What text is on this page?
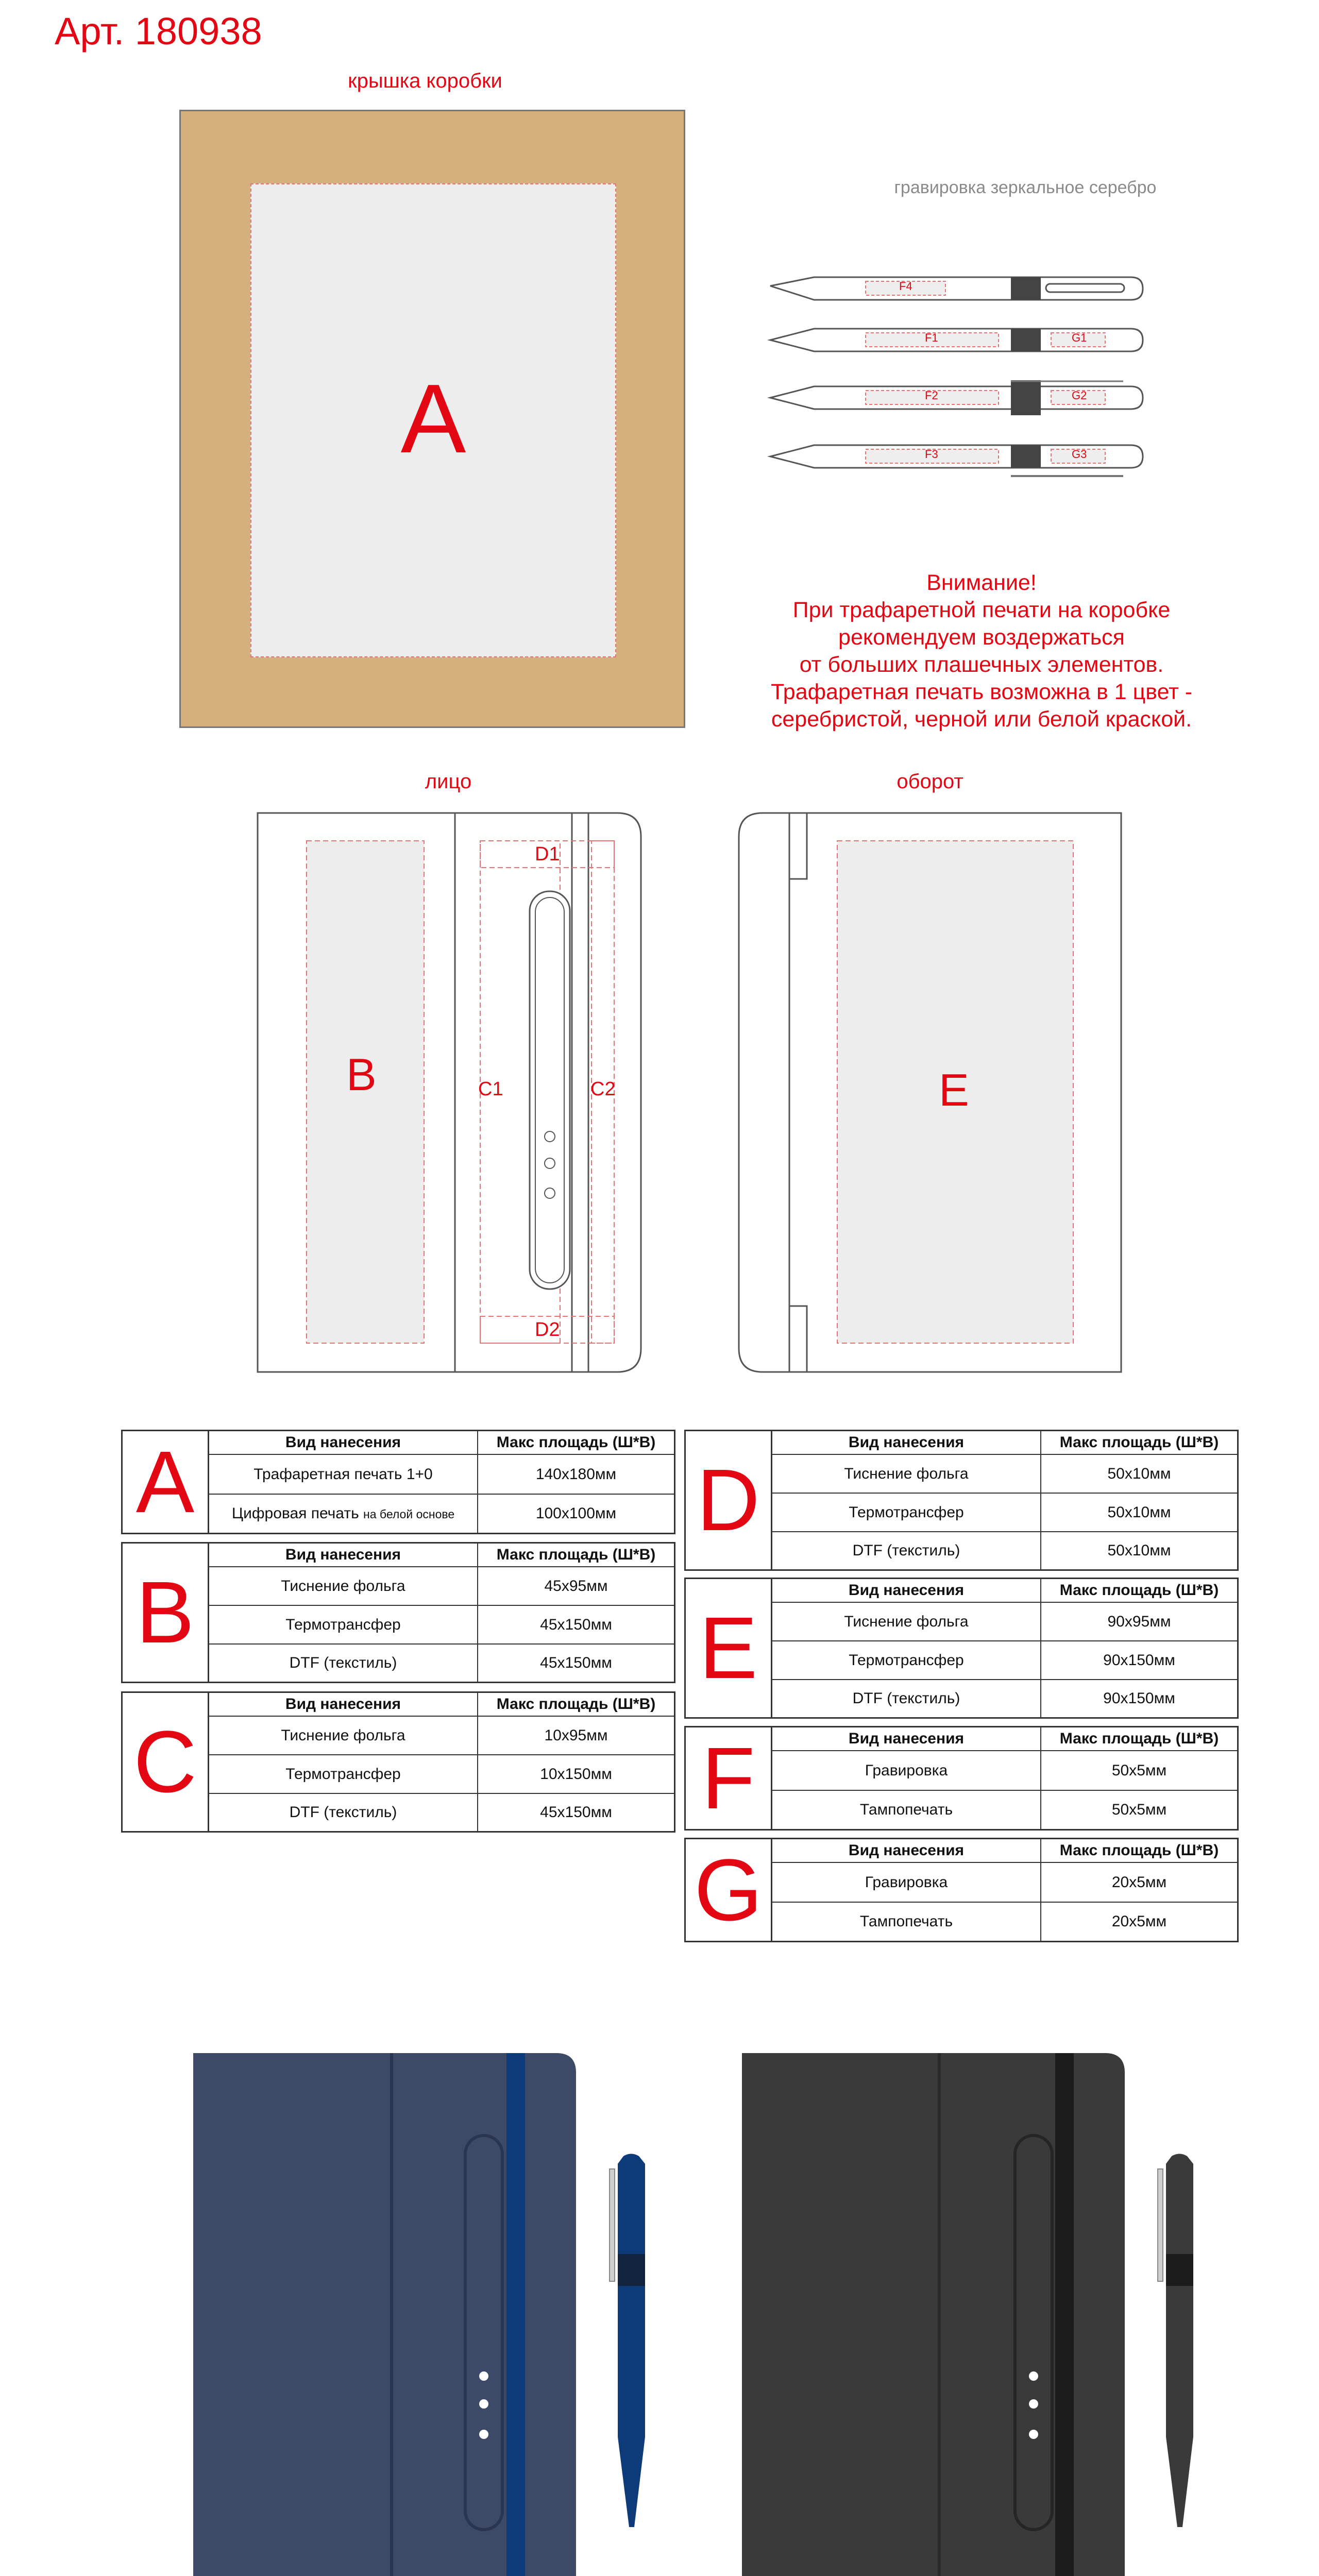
Арт. 180938
крышка коробки
A
гравировка зеркальное серебро
F4
F1	G1
F2	G2
F3	G3
Внимание!
При трафаретной печати на коробке
рекомендуем воздержаться
от больших плашечных элементов.
Трафаретная печать возможна в 1 цвет -
серебристой, черной или белой краской.
лицо	оборот
B	C1	C2
D1
D2
E
A	Вид нанесения	Макс площадь (Ш*В)
Трафаретная печать 1+0	140x180мм
Цифровая печать на белой основе	100x100мм
B
Вид нанесения	Макс площадь (Ш*В)
Тиснение фольга	45x95мм
Термотрансфер	45x150мм
DTF (текстиль)	45x150мм
C
Вид нанесения	Макс площадь (Ш*В)
Тиснение фольга	10x95мм
Термотрансфер	10x150мм
DTF (текстиль)	45x150мм
D
Вид нанесения	Макс площадь (Ш*В)
Тиснение фольга	50x10мм
Термотрансфер	50x10мм
DTF (текстиль)	50x10мм
E
Вид нанесения	Макс площадь (Ш*В)
Тиснение фольга	90x95мм
Термотрансфер	90x150мм
DTF (текстиль)	90x150мм
F	Вид нанесения	Макс площадь (Ш*В)
Гравировка	50x5мм
Тампопечать	50x5мм
G	Вид нанесения	Макс площадь (Ш*В)
Гравировка	20x5мм
Тампопечать	20x5мм
